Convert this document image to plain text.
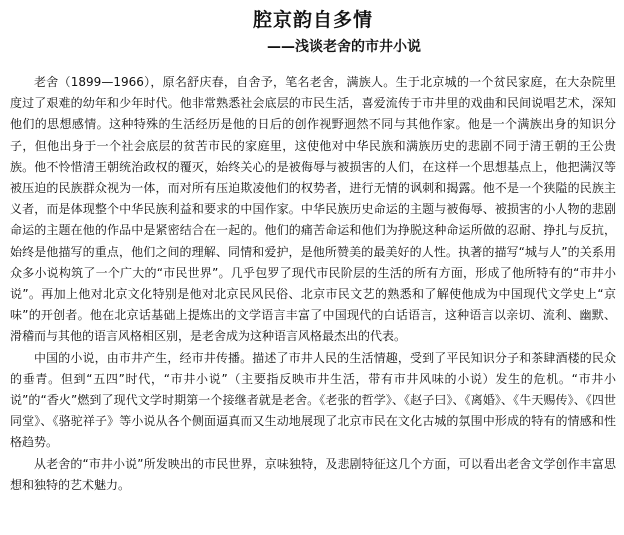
腔京韵自多情
——浅谈老舍的市井小说

老舍（1899—1966），原名舒庆春，自舍予，笔名老舍，满族人。生于北京城的一个贫民家庭，在大杂院里度过了艰难的幼年和少年时代。他非常熟悉社会底层的市民生活，喜爱流传于市井里的戏曲和民间说唱艺术，深知他们的思想感情。这种特殊的生活经历是他的日后的创作视野迥然不同与其他作家。他是一个满族出身的知识分子，但他出身于一个社会底层的贫苦市民的家庭里，这使他对中华民族和满族历史的悲剧不同于清王朝的王公贵族。他不怜惜清王朝统治政权的覆灭，始终关心的是被侮辱与被损害的人们，在这样一个思想基点上，他把满汉等被压迫的民族群众视为一体，而对所有压迫欺凌他们的权势者，进行无情的讽刺和揭露。他不是一个狭隘的民族主义者，而是体现整个中华民族利益和要求的中国作家。中华民族历史命运的主题与被侮辱、被损害的小人物的悲剧命运的主题在他的作品中是紧密结合在一起的。他们的痛苦命运和他们为挣脱这种命运所做的忍耐、挣扎与反抗，始终是他描写的重点，他们之间的理解、同情和爱护，是他所赞美的最美好的人性。执著的描写“城与人”的关系用众多小说构筑了一个广大的“市民世界”。几乎包罗了现代市民阶层的生活的所有方面，形成了他所特有的“市井小说”。再加上他对北京文化特别是他对北京民风民俗、北京市民文艺的熟悉和了解使他成为中国现代文学史上“京味”的开创者。他在北京话基础上提炼出的文学语言丰富了中国现代的白话语言，这种语言以亲切、流利、幽默、滑稽而与其他的语言风格相区别，是老舍成为这种语言风格最杰出的代表。

中国的小说，由市井产生，经市井传播。描述了市井人民的生活情趣，受到了平民知识分子和茶肆酒楼的民众的垂青。但到“五四”时代，“市井小说”（主要指反映市井生活，带有市井风味的小说）发生的危机。“市井小说”的“香火”燃到了现代文学时期第一个接继者就是老舍。《老张的哲学》、《赵子曰》、《离婚》、《牛天赐传》、《四世同堂》、《骆驼祥子》等小说从各个侧面逼真而又生动地展现了北京市民在文化古城的氛围中形成的特有的情感和性格趋势。

从老舍的“市井小说”所发映出的市民世界，京味独特，及悲剧特征这几个方面，可以看出老舍文学创作丰富思想和独特的艺术魅力。
